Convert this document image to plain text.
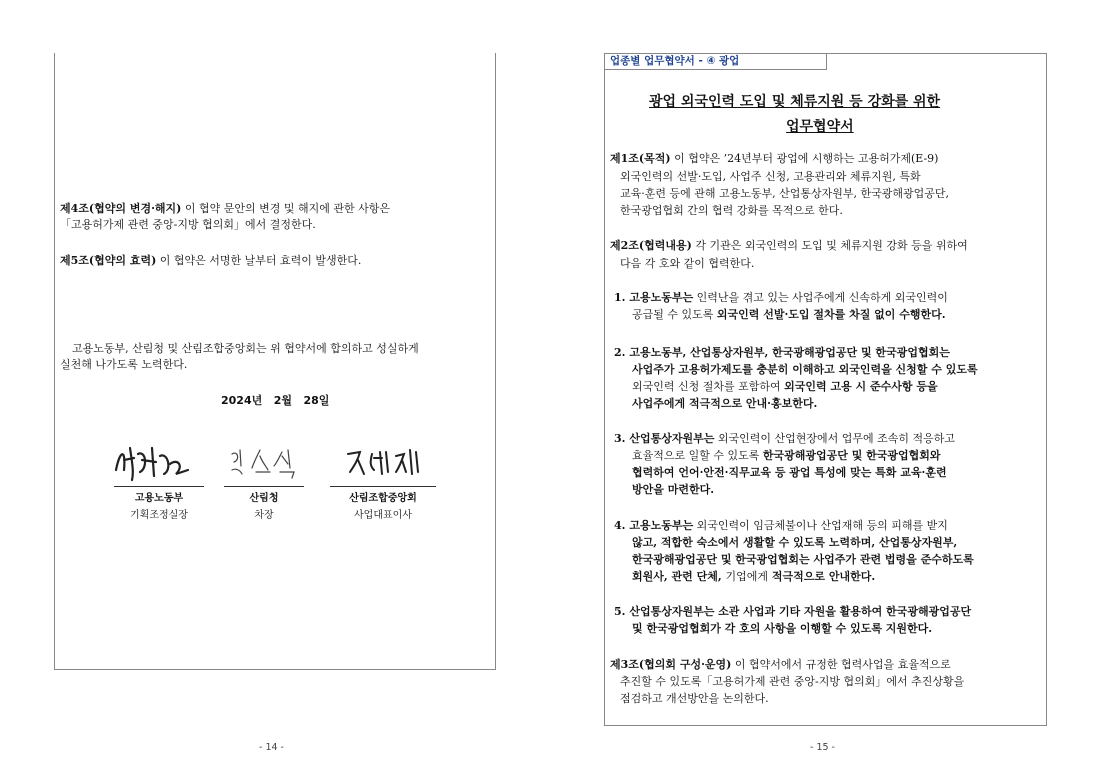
제4조(협약의 변경·해지) 이 협약 문안의 변경 및 해지에 관한 사항은
「고용허가제 관련 중앙-지방 협의회」에서 결정한다.
제5조(협약의 효력) 이 협약은 서명한 날부터 효력이 발생한다.
고용노동부, 산림청 및 산림조합중앙회는 위 협약서에 합의하고 성실하게
실천해 나가도록 노력한다.
2024년   2월   28일
고용노동부	산림청	산림조합중앙회
기획조정실장	차장	사업대표이사
- 14 -
업종별 업무협약서 - ④ 광업
광업 외국인력 도입 및 체류지원 등 강화를 위한
업무협약서
제1조(목적) 이 협약은 ’24년부터 광업에 시행하는 고용허가제(E-9)
외국인력의 선발·도입, 사업주 신청, 고용관리와 체류지원, 특화
교육·훈련 등에 관해 고용노동부, 산업통상자원부, 한국광해광업공단,
한국광업협회 간의 협력 강화를 목적으로 한다.
제2조(협력내용) 각 기관은 외국인력의 도입 및 체류지원 강화 등을 위하여
다음 각 호와 같이 협력한다.
1. 고용노동부는 인력난을 겪고 있는 사업주에게 신속하게 외국인력이
공급될 수 있도록 외국인력 선발·도입 절차를 차질 없이 수행한다.
2. 고용노동부, 산업통상자원부, 한국광해광업공단 및 한국광업협회는
사업주가 고용허가제도를 충분히 이해하고 외국인력을 신청할 수 있도록
외국인력 신청 절차를 포함하여 외국인력 고용 시 준수사항 등을
사업주에게 적극적으로 안내·홍보한다.
3. 산업통상자원부는 외국인력이 산업현장에서 업무에 조속히 적응하고
효율적으로 일할 수 있도록 한국광해광업공단 및 한국광업협회와
협력하여 언어·안전·직무교육 등 광업 특성에 맞는 특화 교육·훈련
방안을 마련한다.
4. 고용노동부는 외국인력이 임금체불이나 산업재해 등의 피해를 받지
않고, 적합한 숙소에서 생활할 수 있도록 노력하며, 산업통상자원부,
한국광해광업공단 및 한국광업협회는 사업주가 관련 법령을 준수하도록
회원사, 관련 단체, 기업에게 적극적으로 안내한다.
5. 산업통상자원부는 소관 사업과 기타 자원을 활용하여 한국광해광업공단
및 한국광업협회가 각 호의 사항을 이행할 수 있도록 지원한다.
제3조(협의회 구성·운영) 이 협약서에서 규정한 협력사업을 효율적으로
추진할 수 있도록「고용허가제 관련 중앙-지방 협의회」에서 추진상황을
점검하고 개선방안을 논의한다.
- 15 -
